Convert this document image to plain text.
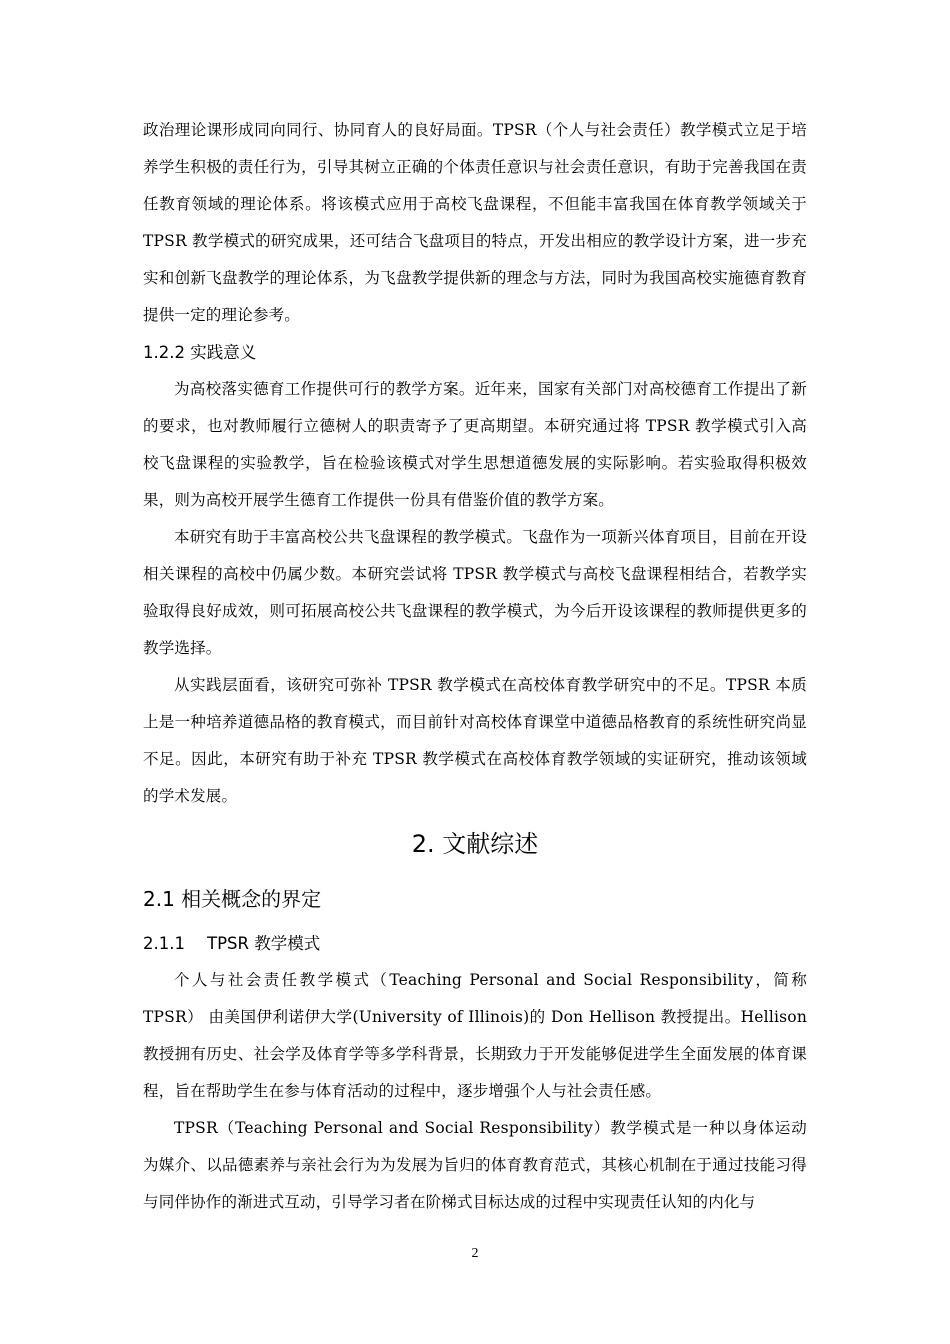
政治理论课形成同向同行、协同育人的良好局面。TPSR（个人与社会责任）教学模式立足于培养学生积极的责任行为，引导其树立正确的个体责任意识与社会责任意识，有助于完善我国在责任教育领域的理论体系。将该模式应用于高校飞盘课程，不但能丰富我国在体育教学领域关于 TPSR 教学模式的研究成果，还可结合飞盘项目的特点，开发出相应的教学设计方案，进一步充实和创新飞盘教学的理论体系，为飞盘教学提供新的理念与方法，同时为我国高校实施德育教育提供一定的理论参考。

1.2.2 实践意义

为高校落实德育工作提供可行的教学方案。近年来，国家有关部门对高校德育工作提出了新的要求，也对教师履行立德树人的职责寄予了更高期望。本研究通过将 TPSR 教学模式引入高校飞盘课程的实验教学，旨在检验该模式对学生思想道德发展的实际影响。若实验取得积极效果，则为高校开展学生德育工作提供一份具有借鉴价值的教学方案。

本研究有助于丰富高校公共飞盘课程的教学模式。飞盘作为一项新兴体育项目，目前在开设相关课程的高校中仍属少数。本研究尝试将 TPSR 教学模式与高校飞盘课程相结合，若教学实验取得良好成效，则可拓展高校公共飞盘课程的教学模式，为今后开设该课程的教师提供更多的教学选择。

从实践层面看，该研究可弥补 TPSR 教学模式在高校体育教学研究中的不足。TPSR 本质上是一种培养道德品格的教育模式，而目前针对高校体育课堂中道德品格教育的系统性研究尚显不足。因此，本研究有助于补充 TPSR 教学模式在高校体育教学领域的实证研究，推动该领域的学术发展。

2. 文献综述
2.1 相关概念的界定
2.1.1 TPSR 教学模式

个人与社会责任教学模式（Teaching Personal and Social Responsibility，简称 TPSR） 由美国伊利诺伊大学(University of Illinois)的 Don Hellison 教授提出。Hellison 教授拥有历史、社会学及体育学等多学科背景，长期致力于开发能够促进学生全面发展的体育课程，旨在帮助学生在参与体育活动的过程中，逐步增强个人与社会责任感。

TPSR（Teaching Personal and Social Responsibility）教学模式是一种以身体运动为媒介、以品德素养与亲社会行为为发展为旨归的体育教育范式，其核心机制在于通过技能习得与同伴协作的渐进式互动，引导学习者在阶梯式目标达成的过程中实现责任认知的内化与

2
